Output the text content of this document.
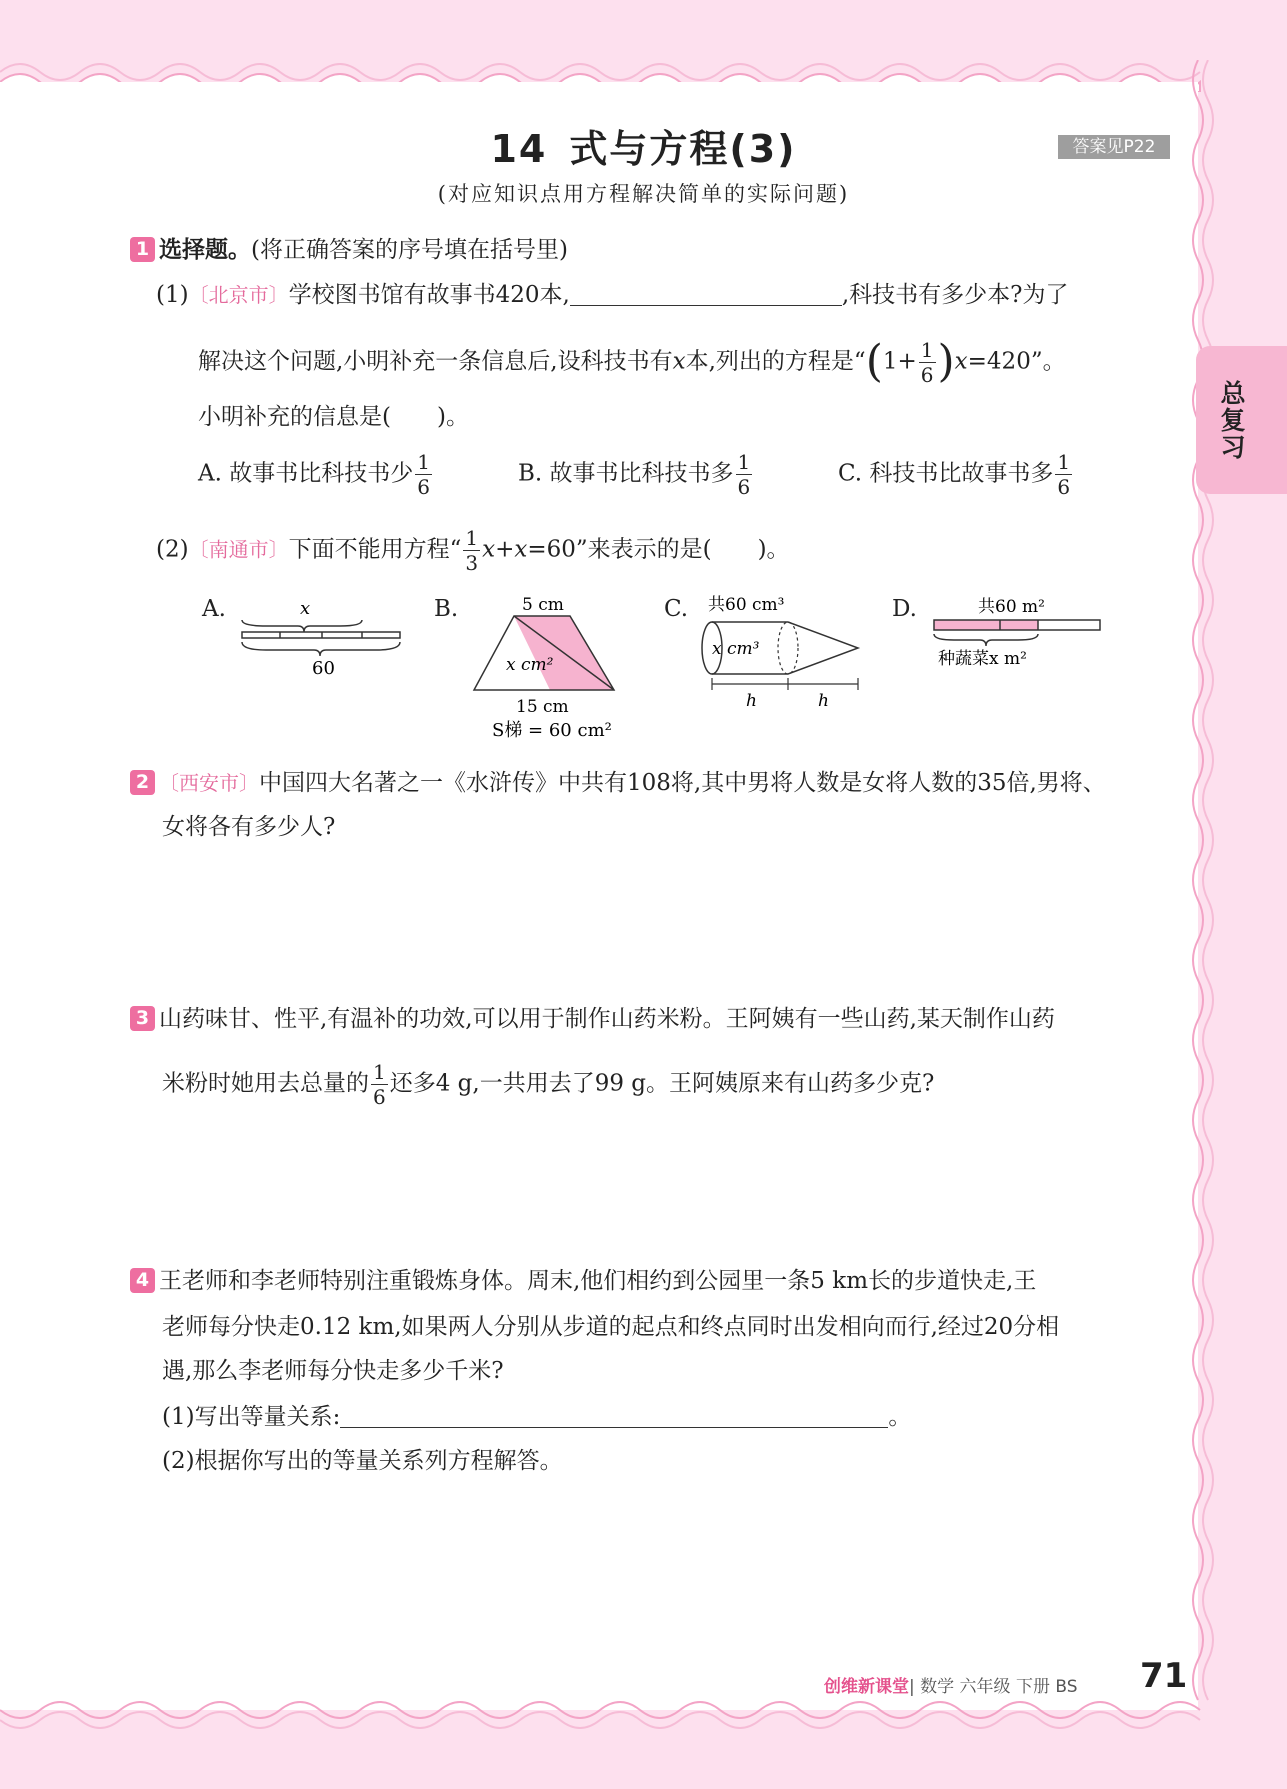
总复习
14 式与方程(3)	答案见P22
(对应知识点用方程解决简单的实际问题)
1 选择题。(将正确答案的序号填在括号里)
(1)〔北京市〕学校图书馆有故事书420本,	,科技书有多少本?为了
解决这个问题,小明补充一条信息后,设科技书有x本,列出的方程是“$(1+ \frac{1}{6} )x=420$”。
小明补充的信息是(　　)。
A. 故事书比科技书少 $\frac{1}{6}$	B. 故事书比科技书多 $\frac{1}{6}$	C. 科技书比故事书多 $\frac{1}{6}$
(2)〔南通市〕下面不能用方程“ $\frac{1}{3} x+x=60$”来表示的是(　　)。
A.	x
60
B.	5 cm
x cm²
15 cm
S梯 = 60 cm²
C. 共60 cm³
x cm³
h	h
D.	共60 m²
种蔬菜x m²
2 〔西安市〕中国四大名著之一《水浒传》中共有108将,其中男将人数是女将人数的35倍,男将、
女将各有多少人?
3 山药味甘、性平,有温补的功效,可以用于制作山药米粉。王阿姨有一些山药,某天制作山药
米粉时她用去总量的 $\frac{1}{6}$ 还多4 g,一共用去了99 g。王阿姨原来有山药多少克?
4 王老师和李老师特别注重锻炼身体。周末,他们相约到公园里一条5 km长的步道快走,王
老师每分快走0.12 km,如果两人分别从步道的起点和终点同时出发相向而行,经过20分相
遇,那么李老师每分快走多少千米?
(1)写出等量关系:	。
(2)根据你写出的等量关系列方程解答。
创维新课堂| 数学 六年级 下册 BS 71
